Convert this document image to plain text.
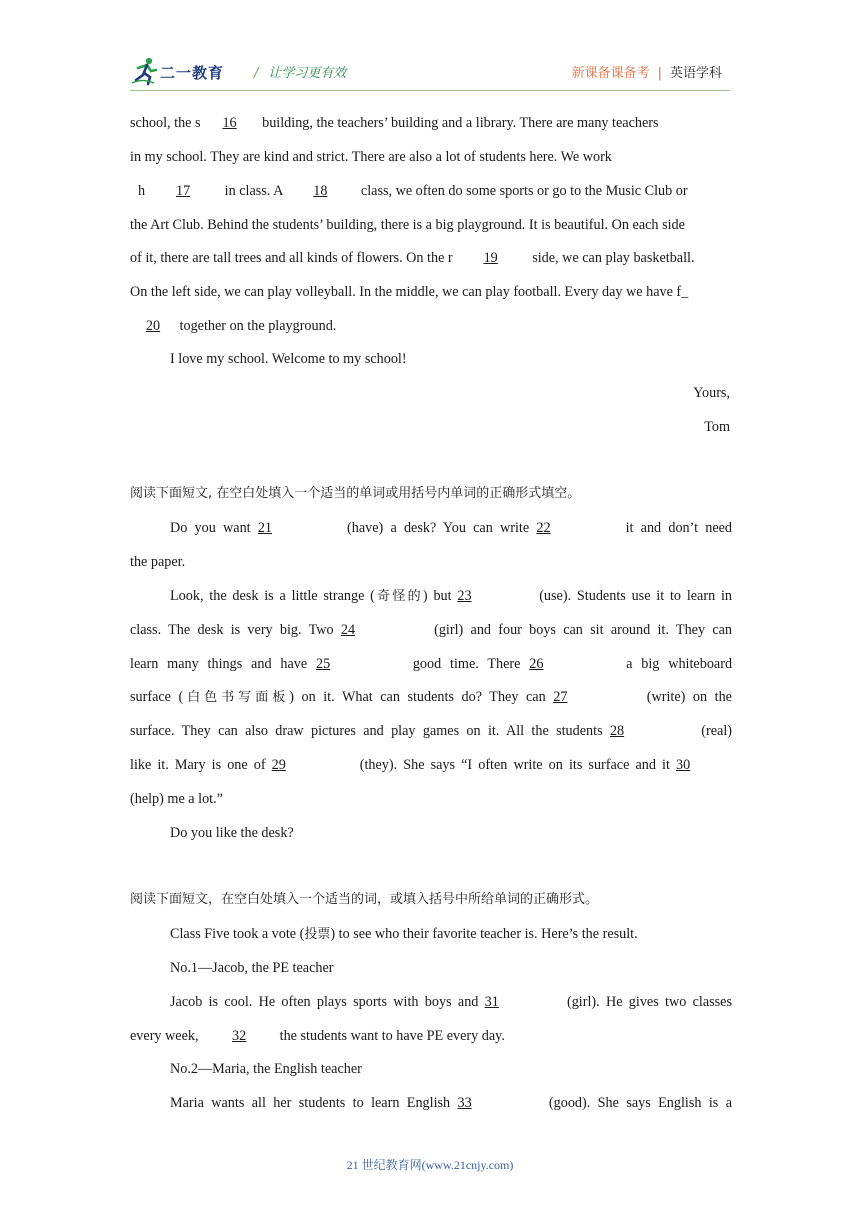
二一教育 / 让学习更有效	新课备课备考 | 英语学科
school, the s 16 building, the teachers’ building and a library. There are many teachers
in my school. They are kind and strict. There are also a lot of students here. We work
h 17 in class. A 18 class, we often do some sports or go to the Music Club or
the Art Club. Behind the students’ building, there is a big playground. It is beautiful. On each side
of it, there are tall trees and all kinds of flowers. On the r 19 side, we can play basketball.
On the left side, we can play volleyball. In the middle, we can play football. Every day we have f_
20 together on the playground.
I love my school. Welcome to my school!
Yours,
Tom
阅读下面短文, 在空白处填入一个适当的单词或用括号内单词的正确形式填空。
Do you want 21	(have) a desk? You can write 22	it and don’t need
the paper.
Look, the desk is a little strange (奇怪的) but 23	(use). Students use it to learn in
class. The desk is very big. Two 24	(girl) and four boys can sit around it. They can
learn many things and have 25	good time. There 26	a big whiteboard
surface (白色书写面板) on it. What can students do? They can 27	(write) on the
surface. They can also draw pictures and play games on it. All the students 28	(real)
like it. Mary is one of 29	(they). She says “I often write on its surface and it 30
(help) me a lot.”
Do you like the desk?
阅读下面短文，在空白处填入一个适当的词，或填入括号中所给单词的正确形式。
Class Five took a vote (投票) to see who their favorite teacher is. Here’s the result.
No.1—Jacob, the PE teacher
Jacob is cool. He often plays sports with boys and 31	(girl). He gives two classes
every week, 32 the students want to have PE every day.
No.2—Maria, the English teacher
Maria wants all her students to learn English 33	(good). She says English is a
21 世纪教育网(www.21cnjy.com)
